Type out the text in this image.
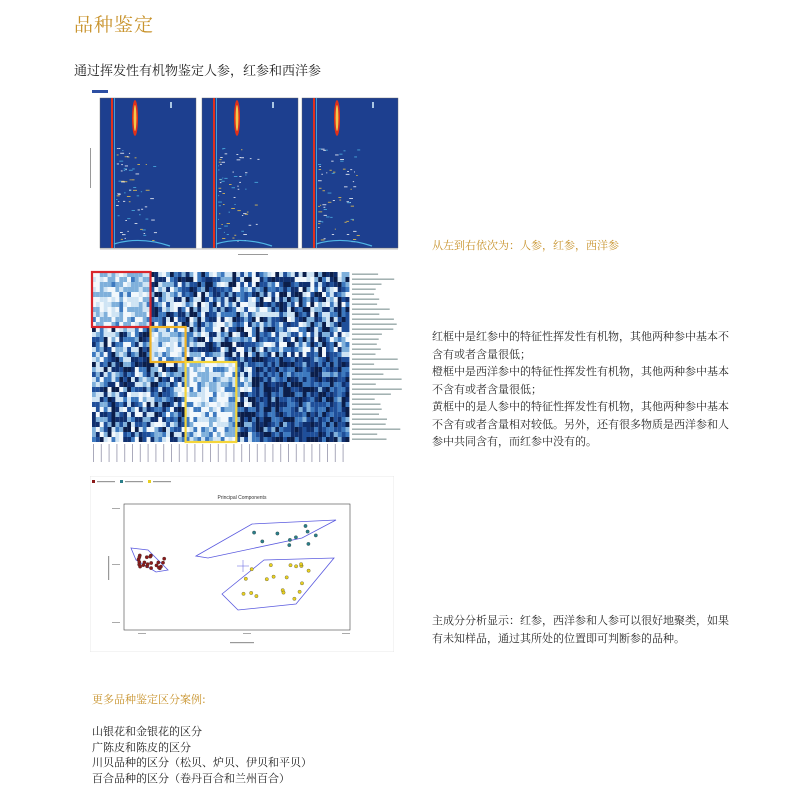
品种鉴定
通过挥发性有机物鉴定人参，红参和西洋参
从左到右依次为：人参，红参，西洋参

红框中是红参中的特征性挥发性有机物，其他两种参中基本不含有或者含量很低；

橙框中是西洋参中的特征性挥发性有机物，其他两种参中基本不含有或者含量很低；

黄框中的是人参中的特征性挥发性有机物，其他两种参中基本不含有或者含量相对较低。另外，还有很多物质是西洋参和人参中共同含有，而红参中没有的。

Principal Components

主成分分析显示：红参，西洋参和人参可以很好地聚类，如果有未知样品，通过其所处的位置即可判断参的品种。

更多品种鉴定区分案例:
山银花和金银花的区分
广陈皮和陈皮的区分
川贝品种的区分（松贝、炉贝、伊贝和平贝）
百合品种的区分（卷丹百合和兰州百合）
